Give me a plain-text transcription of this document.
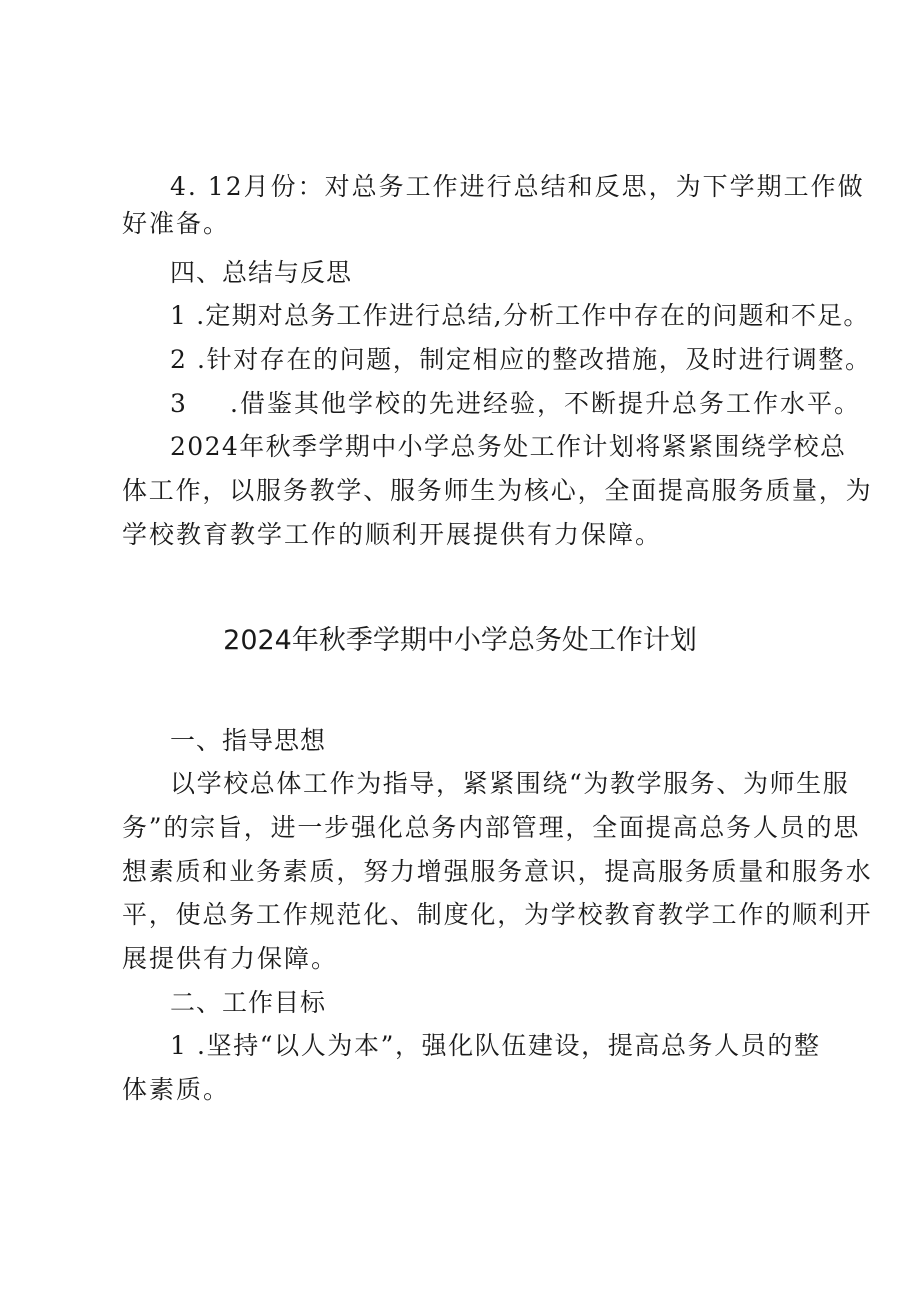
4. 12月份：对总务工作进行总结和反思，为下学期工作做
好准备。
四、总结与反思
1 .定期对总务工作进行总结,分析工作中存在的问题和不足。
2 .针对存在的问题，制定相应的整改措施，及时进行调整。
3 .借鉴其他学校的先进经验，不断提升总务工作水平。
2024年秋季学期中小学总务处工作计划将紧紧围绕学校总
体工作，以服务教学、服务师生为核心，全面提高服务质量，为
学校教育教学工作的顺利开展提供有力保障。
2024年秋季学期中小学总务处工作计划
一、指导思想
以学校总体工作为指导，紧紧围绕“为教学服务、为师生服
务”的宗旨，进一步强化总务内部管理，全面提高总务人员的思
想素质和业务素质，努力增强服务意识，提高服务质量和服务水
平，使总务工作规范化、制度化，为学校教育教学工作的顺利开
展提供有力保障。
二、工作目标
1 .坚持“以人为本”，强化队伍建设，提高总务人员的整
体素质。
